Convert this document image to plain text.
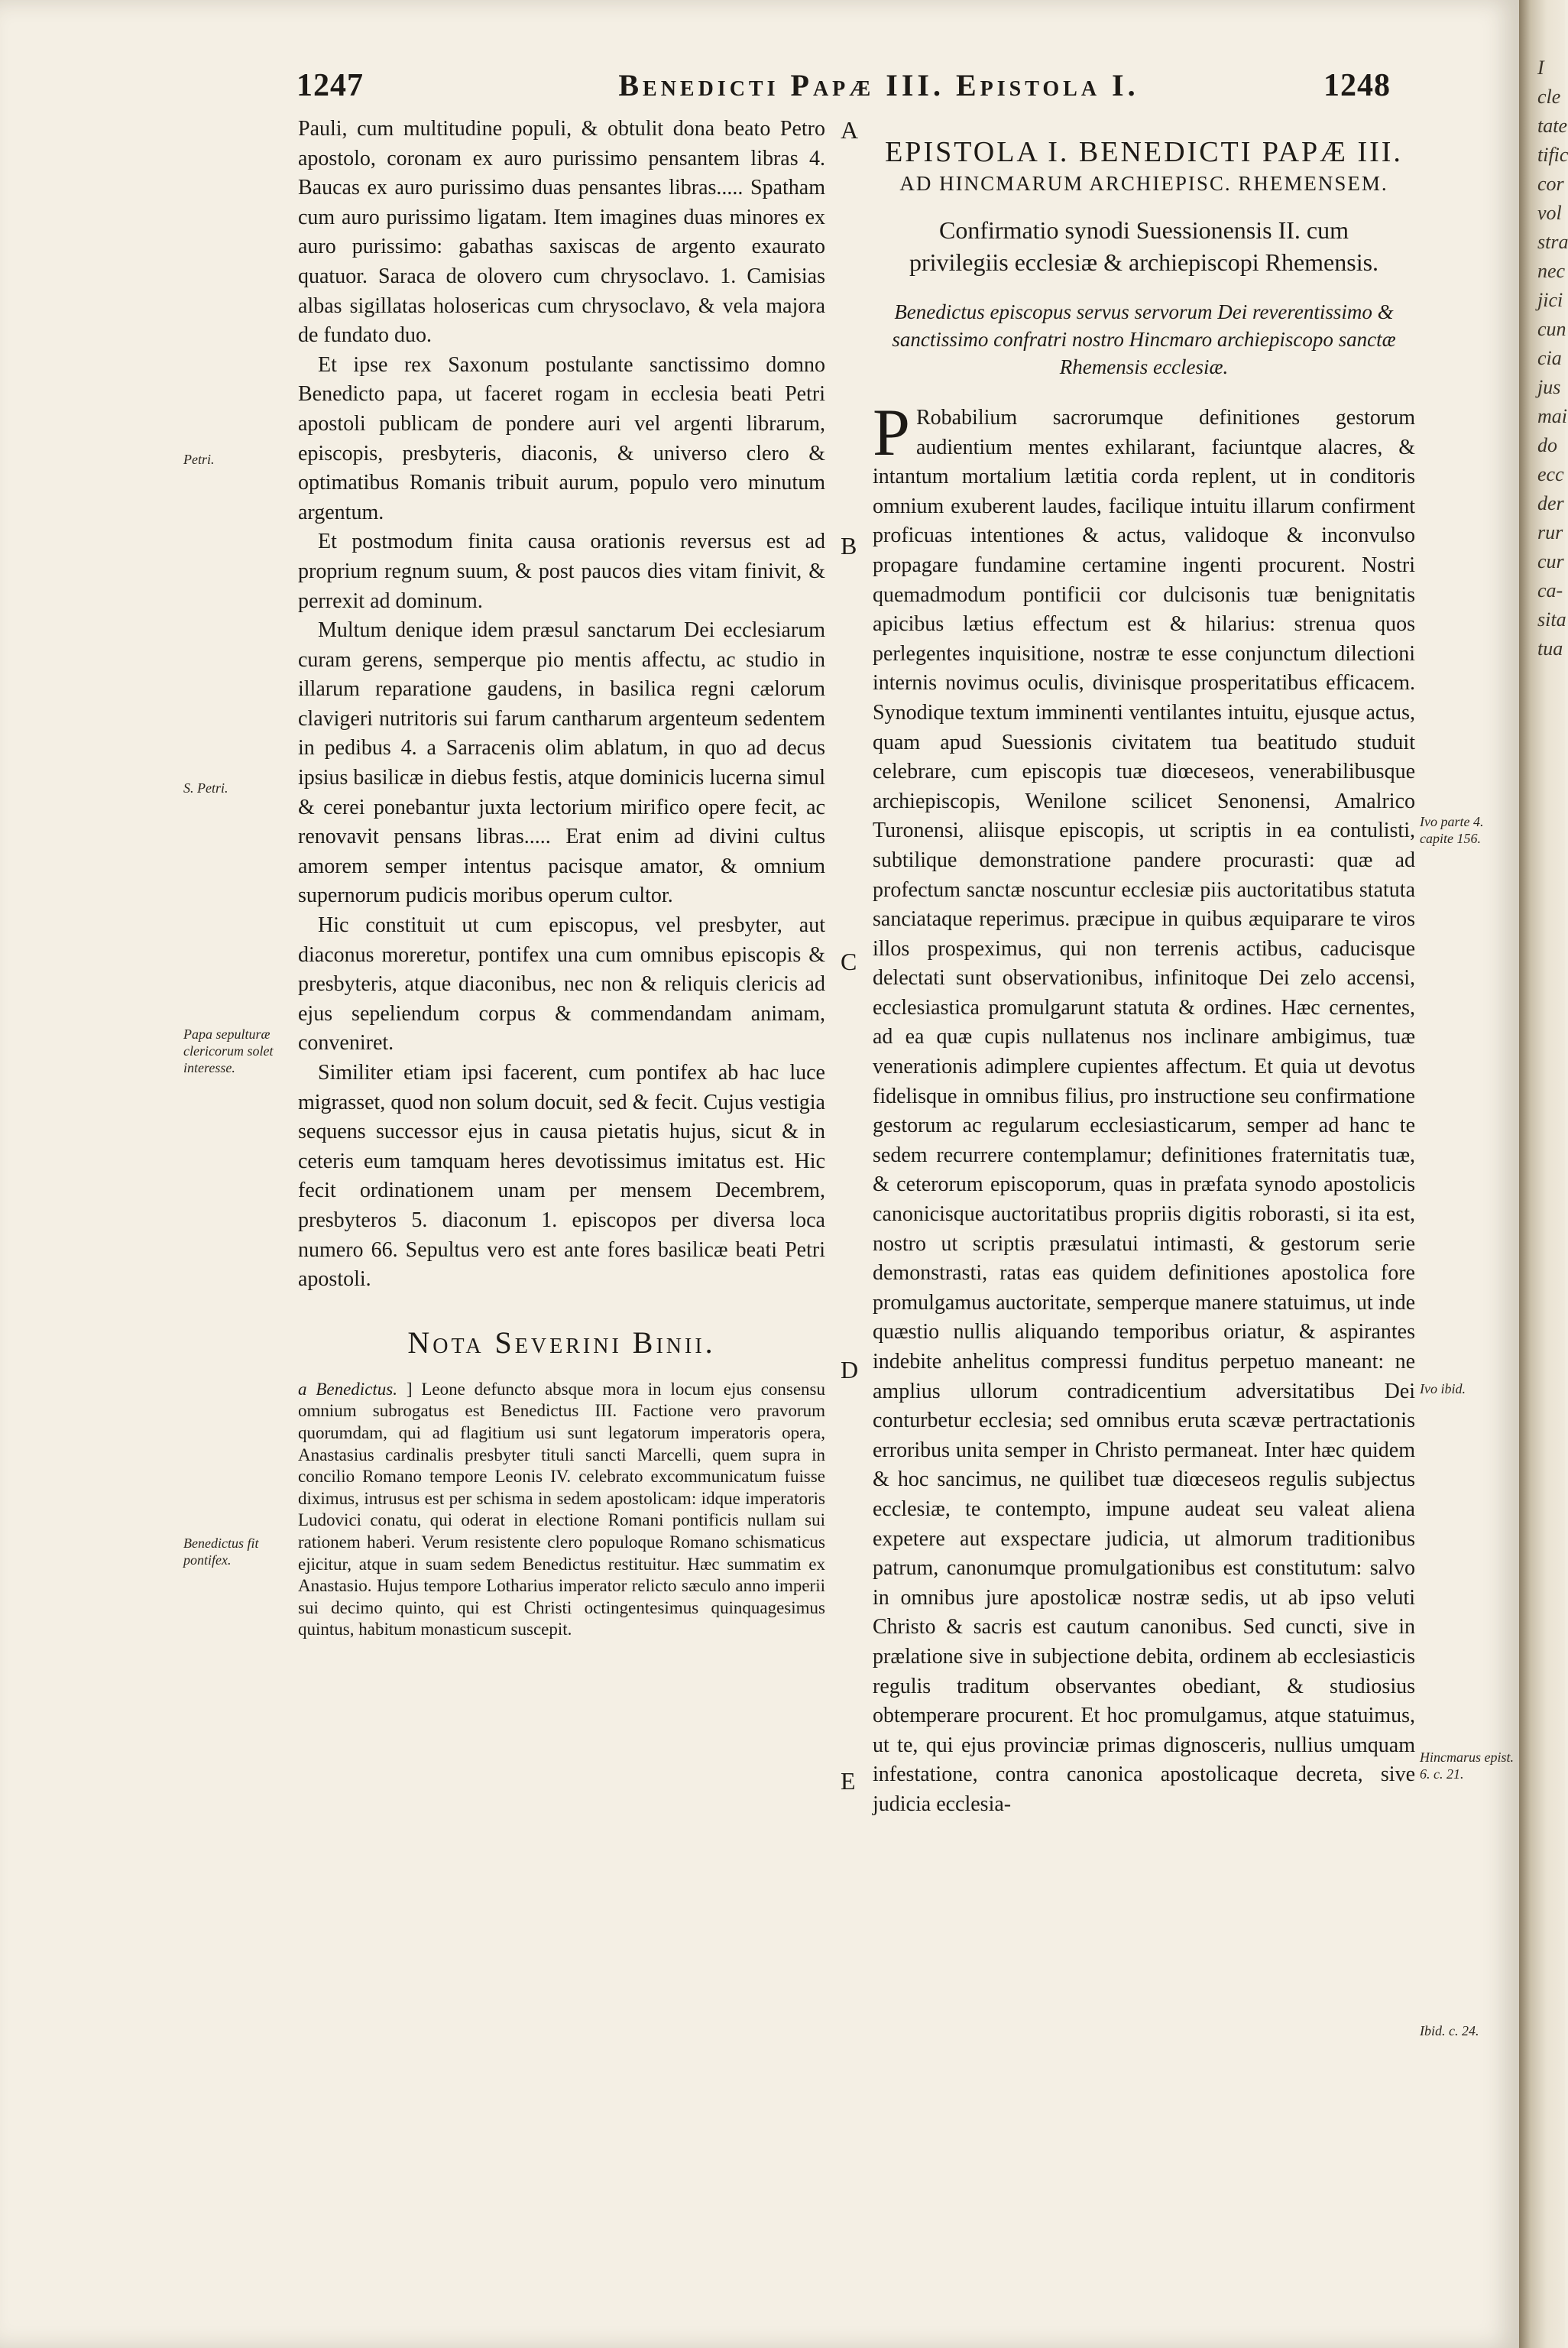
1247	Benedicti Papæ III. Epistola I.	1248

Pauli, cum multitudine populi, & obtulit dona beato Petro apostolo, coronam ex auro purissimo pensantem libras 4. Baucas ex auro purissimo duas pensantes libras..... Spatham cum auro purissimo ligatam. Item imagines duas minores ex auro purissimo: gabathas saxiscas de argento exaurato quatuor. Saraca de olovero cum chrysoclavo. 1. Camisias albas sigillatas holosericas cum chrysoclavo, & vela majora de fundato duo.

Et ipse rex Saxonum postulante sanctissimo domno Benedicto papa, ut faceret rogam in ecclesia beati Petri apostoli publicam de pondere auri vel argenti librarum, episcopis, presbyteris, diaconis, & universo clero & optimatibus Romanis tribuit aurum, populo vero minutum argentum.

Et postmodum finita causa orationis reversus est ad proprium regnum suum, & post paucos dies vitam finivit, & perrexit ad dominum.

Multum denique idem præsul sanctarum Dei ecclesiarum curam gerens, semperque pio mentis affectu, ac studio in illarum reparatione gaudens, in basilica regni cælorum clavigeri nutritoris sui farum cantharum argenteum sedentem in pedibus 4. a Sarracenis olim ablatum, in quo ad decus ipsius basilicæ in diebus festis, atque dominicis lucerna simul & cerei ponebantur juxta lectorium mirifico opere fecit, ac renovavit pensans libras..... Erat enim ad divini cultus amorem semper intentus pacisque amator, & omnium supernorum pudicis moribus operum cultor.

Hic constituit ut cum episcopus, vel presbyter, aut diaconus moreretur, pontifex una cum omnibus episcopis & presbyteris, atque diaconibus, nec non & reliquis clericis ad ejus sepeliendum corpus & commendandam animam, conveniret.

Similiter etiam ipsi facerent, cum pontifex ab hac luce migrasset, quod non solum docuit, sed & fecit. Cujus vestigia sequens successor ejus in causa pietatis hujus, sicut & in ceteris eum tamquam heres devotissimus imitatus est. Hic fecit ordinationem unam per mensem Decembrem, presbyteros 5. diaconum 1. episcopos per diversa loca numero 66. Sepultus vero est ante fores basilicæ beati Petri apostoli.

Nota Severini Binii.
a Benedictus. ] Leone defuncto absque mora in locum ejus consensu omnium subrogatus est Benedictus III. Factione vero pravorum quorumdam, qui ad flagitium usi sunt legatorum imperatoris opera, Anastasius cardinalis presbyter tituli sancti Marcelli, quem supra in concilio Romano tempore Leonis IV. celebrato excommunicatum fuisse diximus, intrusus est per schisma in sedem apostolicam: idque imperatoris Ludovici conatu, qui oderat in electione Romani pontificis nullam sui rationem haberi. Verum resistente clero populoque Romano schismaticus ejicitur, atque in suam sedem Benedictus restituitur. Hæc summatim ex Anastasio. Hujus tempore Lotharius imperator relicto sæculo anno imperii sui decimo quinto, qui est Christi octingentesimus quinquagesimus quintus, habitum monasticum suscepit.
EPISTOLA I. BENEDICTI PAPÆ III.
AD HINCMARUM ARCHIEPISC. RHEMENSEM.
Confirmatio synodi Suessionensis II. cum privilegiis ecclesiæ & archiepiscopi Rhemensis.
Benedictus episcopus servus servorum Dei reverentissimo & sanctissimo confratri nostro Hincmaro archiepiscopo sanctæ Rhemensis ecclesiæ.

P Robabilium sacrorumque definitiones gestorum audientium mentes exhilarant, faciuntque alacres, & intantum mortalium lætitia corda replent, ut in conditoris omnium exuberent laudes, facilique intuitu illarum confirment proficuas intentiones & actus, validoque & inconvulso propagare fundamine certamine ingenti procurent. Nostri quemadmodum pontificii cor dulcisonis tuæ benignitatis apicibus lætius effectum est & hilarius: strenua quos perlegentes inquisitione, nostræ te esse conjunctum dilectioni internis novimus oculis, divinisque prosperitatibus efficacem. Synodique textum imminenti ventilantes intuitu, ejusque actus, quam apud Suessionis civitatem tua beatitudo studuit celebrare, cum episcopis tuæ diœceseos, venerabilibusque archiepiscopis, Wenilone scilicet Senonensi, Amalrico Turonensi, aliisque episcopis, ut scriptis in ea contulisti, subtilique demonstratione pandere procurasti: quæ ad profectum sanctæ noscuntur ecclesiæ piis auctoritatibus statuta sanciataque reperimus. præcipue in quibus æquiparare te viros illos prospeximus, qui non terrenis actibus, caducisque delectati sunt observationibus, infinitoque Dei zelo accensi, ecclesiastica promulgarunt statuta & ordines. Hæc cernentes, ad ea quæ cupis nullatenus nos inclinare ambigimus, tuæ venerationis adimplere cupientes affectum. Et quia ut devotus fidelisque in omnibus filius, pro instructione seu confirmatione gestorum ac regularum ecclesiasticarum, semper ad hanc te sedem recurrere contemplamur; definitiones fraternitatis tuæ, & ceterorum episcoporum, quas in præfata synodo apostolicis canonicisque auctoritatibus propriis digitis roborasti, si ita est, nostro ut scriptis præsulatui intimasti, & gestorum serie demonstrasti, ratas eas quidem definitiones apostolica fore promulgamus auctoritate, semperque manere statuimus, ut inde quæstio nullis aliquando temporibus oriatur, & aspirantes indebite anhelitus compressi funditus perpetuo maneant: ne amplius ullorum contradicentium adversitatibus Dei conturbetur ecclesia; sed omnibus eruta scævæ pertractationis erroribus unita semper in Christo permaneat. Inter hæc quidem & hoc sancimus, ne quilibet tuæ diœceseos regulis subjectus ecclesiæ, te contempto, impune audeat seu valeat aliena expetere aut exspectare judicia, ut almorum traditionibus patrum, canonumque promulgationibus est constitutum: salvo in omnibus jure apostolicæ nostræ sedis, ut ab ipso veluti Christo & sacris est cautum canonibus. Sed cuncti, sive in prælatione sive in subjectione debita, ordinem ab ecclesiasticis regulis traditum observantes obediant, & studiosius obtemperare procurent. Et hoc promulgamus, atque statuimus, ut te, qui ejus provinciæ primas dignosceris, nullius umquam infestatione, contra canonica apostolicaque decreta, sive judicia ecclesia-

Petri.
S. Petri.
Papa sepulturæ clericorum solet interesse.
Benedictus fit pontifex.
Ivo parte 4. capite 156.
Ivo ibid.
Hincmarus epist. 6. c. 21.
Ibid. c. 24.
A
B
C
D
E
I
cle
tate
tific
cor
vol
stra
nec
jici
cun
cia
jus
mai
do
ecc
der
rur
cur
ca-
sita
tua
